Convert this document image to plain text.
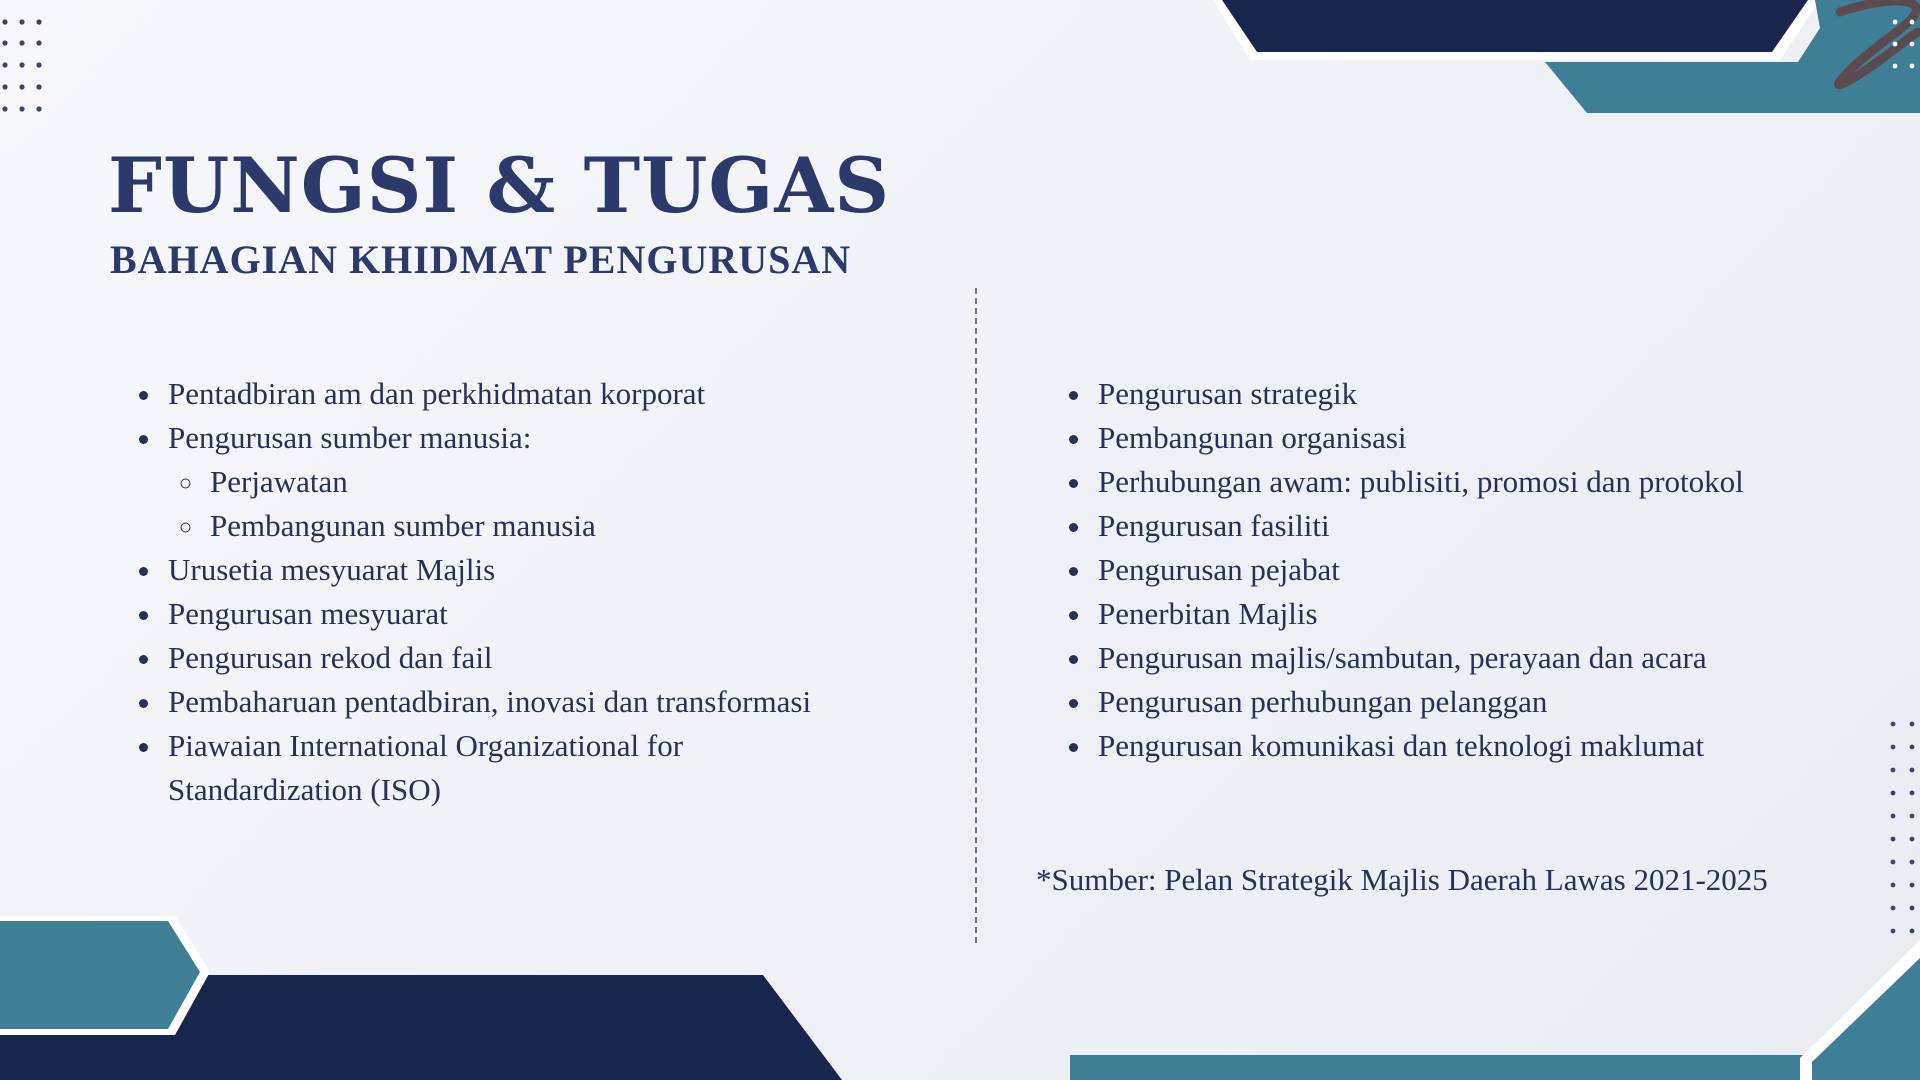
FUNGSI & TUGAS
BAHAGIAN KHIDMAT PENGURUSAN
• Pentadbiran am dan perkhidmatan korporat
• Pengurusan sumber manusia:
◦ Perjawatan
◦ Pembangunan sumber manusia
• Urusetia mesyuarat Majlis
• Pengurusan mesyuarat
• Pengurusan rekod dan fail
• Pembaharuan pentadbiran, inovasi dan transformasi
• Piawaian International Organizational for Standardization (ISO)
• Pengurusan strategik
• Pembangunan organisasi
• Perhubungan awam: publisiti, promosi dan protokol
• Pengurusan fasiliti
• Pengurusan pejabat
• Penerbitan Majlis
• Pengurusan majlis/sambutan, perayaan dan acara
• Pengurusan perhubungan pelanggan
• Pengurusan komunikasi dan teknologi maklumat

*Sumber: Pelan Strategik Majlis Daerah Lawas 2021-2025
